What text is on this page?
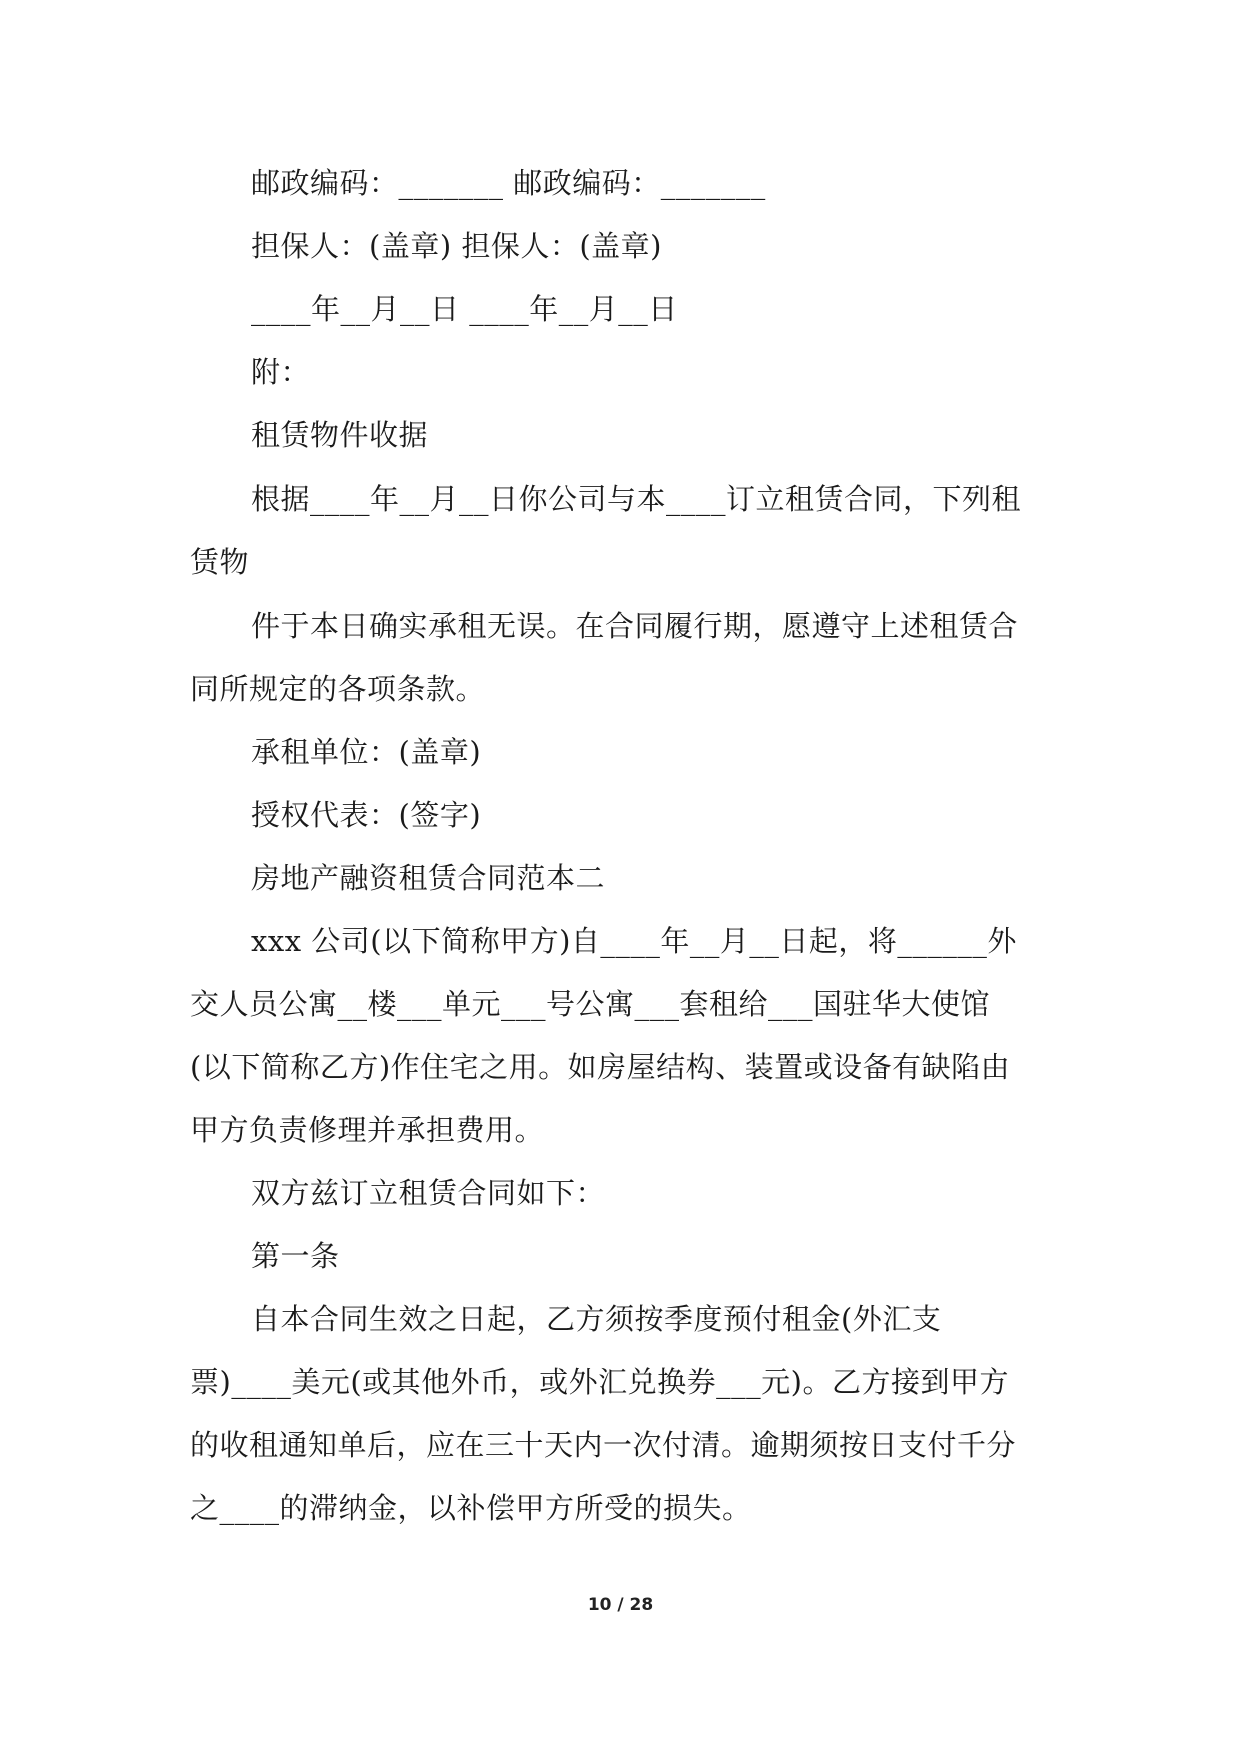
邮政编码：_______ 邮政编码：_______
担保人：(盖章) 担保人：(盖章)
____年__月__日 ____年__月__日
附：
租赁物件收据
根据____年__月__日你公司与本____订立租赁合同，下列租
赁物
件于本日确实承租无误。在合同履行期，愿遵守上述租赁合
同所规定的各项条款。
承租单位：(盖章)
授权代表：(签字)
房地产融资租赁合同范本二
xxx 公司(以下简称甲方)自____年__月__日起，将______外
交人员公寓__楼___单元___号公寓___套租给___国驻华大使馆
(以下简称乙方)作住宅之用。如房屋结构、装置或设备有缺陷由
甲方负责修理并承担费用。
双方兹订立租赁合同如下：
第一条
自本合同生效之日起，乙方须按季度预付租金(外汇支
票)____美元(或其他外币，或外汇兑换券___元)。乙方接到甲方
的收租通知单后，应在三十天内一次付清。逾期须按日支付千分
之____的滞纳金，以补偿甲方所受的损失。
10 / 28
